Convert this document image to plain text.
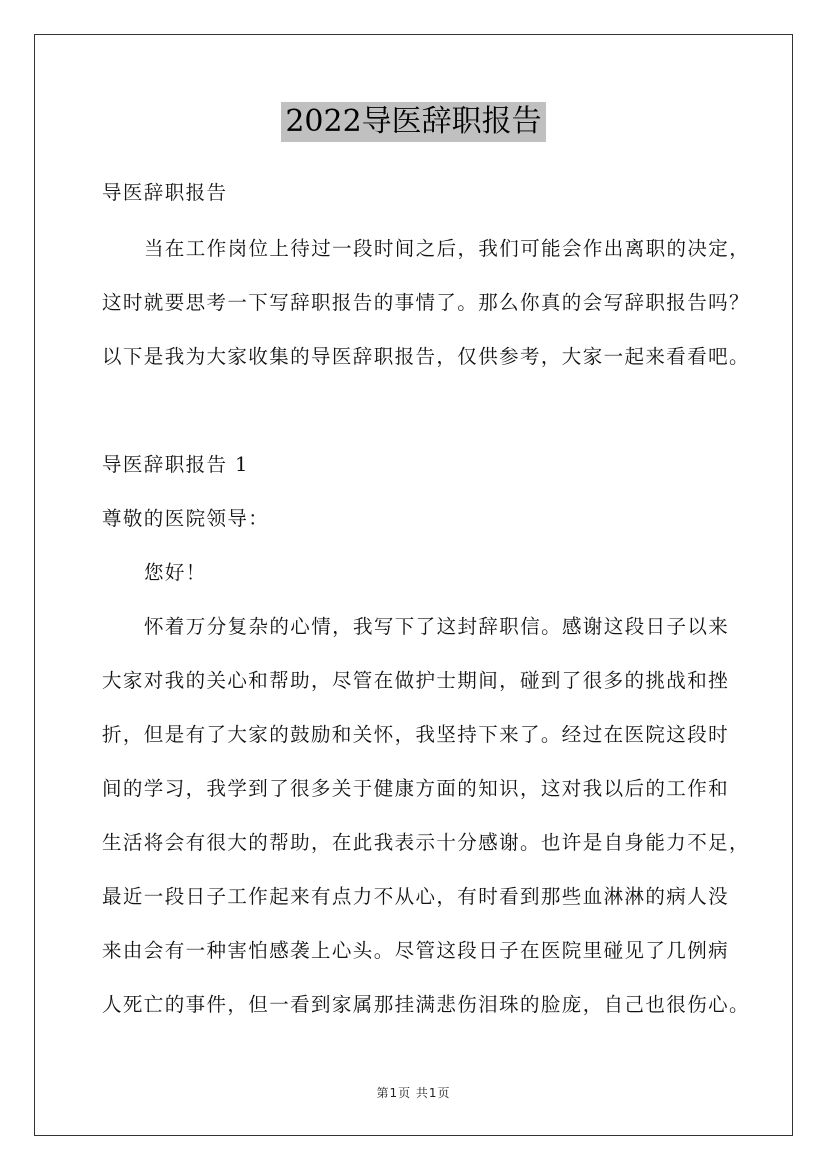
2022导医辞职报告
导医辞职报告
当在工作岗位上待过一段时间之后，我们可能会作出离职的决定，
这时就要思考一下写辞职报告的事情了。那么你真的会写辞职报告吗？
以下是我为大家收集的导医辞职报告，仅供参考，大家一起来看看吧。
导医辞职报告 1
尊敬的医院领导：
您好！
怀着万分复杂的心情，我写下了这封辞职信。感谢这段日子以来
大家对我的关心和帮助，尽管在做护士期间，碰到了很多的挑战和挫
折，但是有了大家的鼓励和关怀，我坚持下来了。经过在医院这段时
间的学习，我学到了很多关于健康方面的知识，这对我以后的工作和
生活将会有很大的帮助，在此我表示十分感谢。也许是自身能力不足，
最近一段日子工作起来有点力不从心，有时看到那些血淋淋的病人没
来由会有一种害怕感袭上心头。尽管这段日子在医院里碰见了几例病
人死亡的事件，但一看到家属那挂满悲伤泪珠的脸庞，自己也很伤心。
第1页 共1页
